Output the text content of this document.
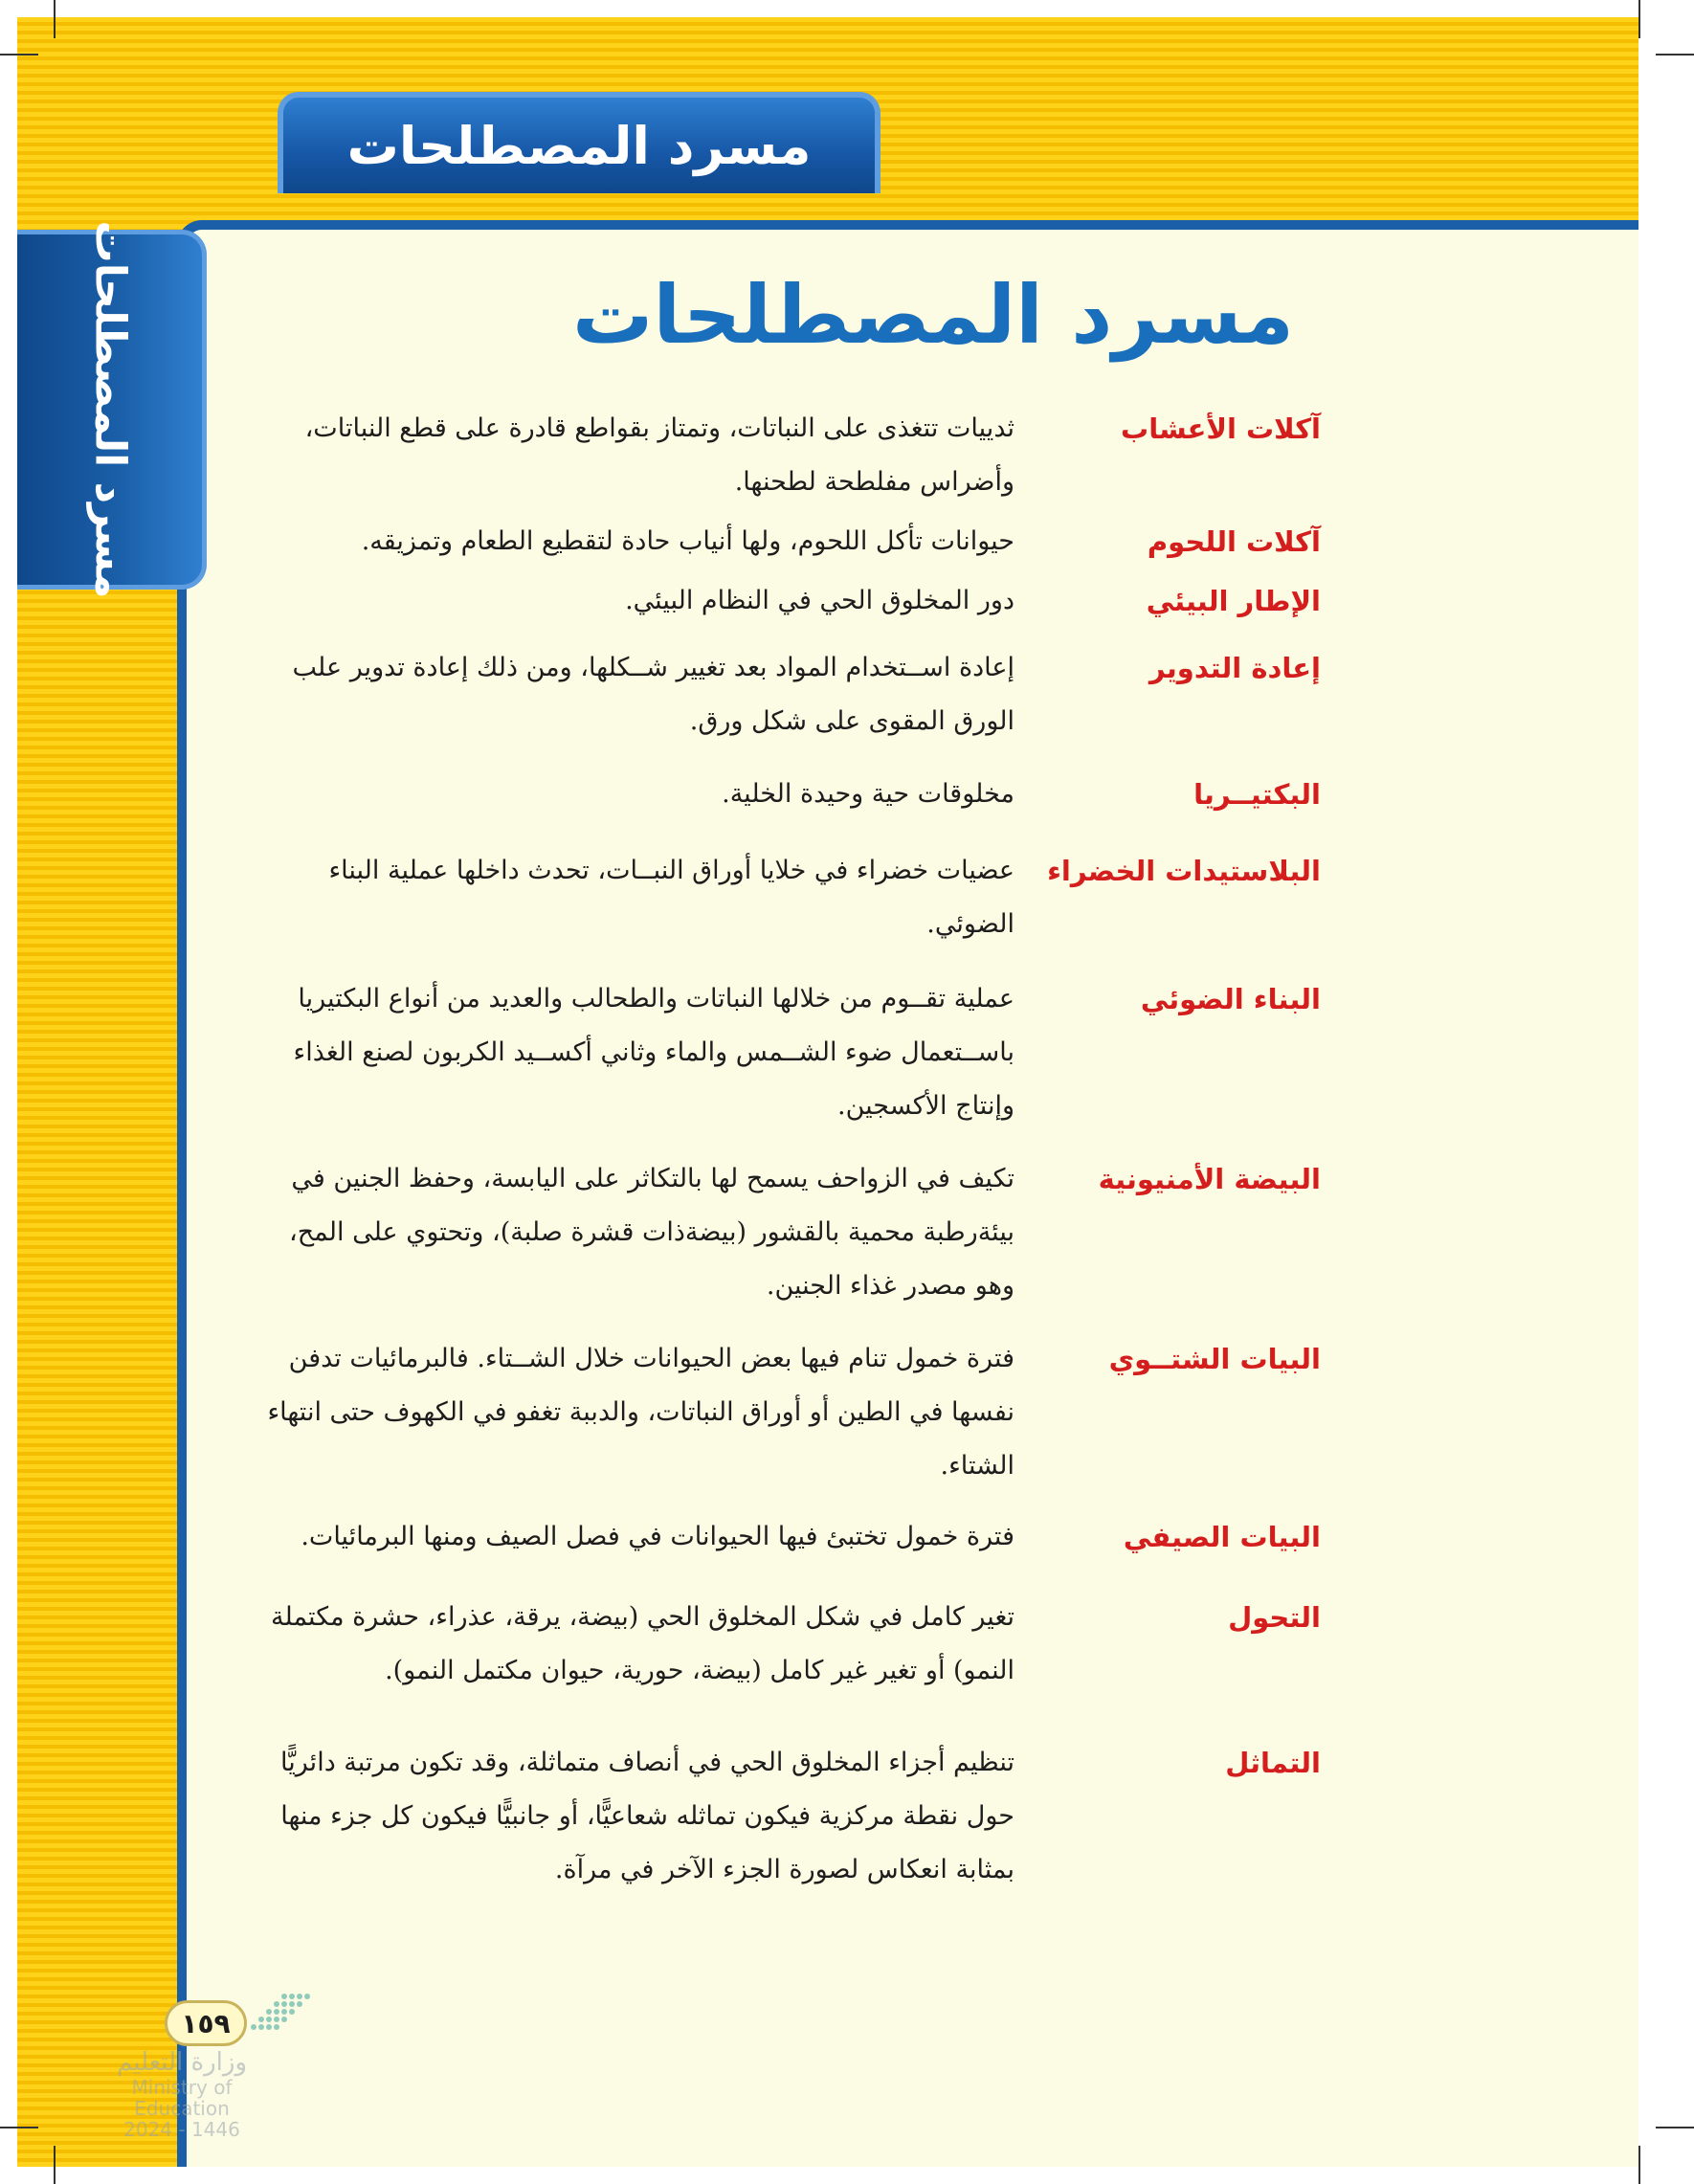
مسرد المصطلحات
مسرد المصطلحات	مسرد المصطلحات
آكلات الأعشاب
ثدييات تتغذى على النباتات، وتمتاز بقواطع قادرة على قطع النباتات، وأضراس مفلطحة لطحنها.
آكلات اللحوم
حيوانات تأكل اللحوم، ولها أنياب حادة لتقطيع الطعام وتمزيقه.
الإطار البيئي
دور المخلوق الحي في النظام البيئي.
إعادة التدوير
إعادة اســتخدام المواد بعد تغيير شــكلها، ومن ذلك إعادة تدوير علب الورق المقوى على شكل ورق.
البكتيــريا
مخلوقات حية وحيدة الخلية.
البلاستيدات الخضراء
عضيات خضراء في خلايا أوراق النبــات، تحدث داخلها عملية البناء الضوئي.
البناء الضوئي
عملية تقــوم من خلالها النباتات والطحالب والعديد من أنواع البكتيريا باســتعمال ضوء الشــمس والماء وثاني أكســيد الكربون لصنع الغذاء وإنتاج الأكسجين.
البيضة الأمنيونية
تكيف في الزواحف يسمح لها بالتكاثر على اليابسة، وحفظ الجنين في بيئةرطبة محمية بالقشور (بيضةذات قشرة صلبة)، وتحتوي على المح، وهو مصدر غذاء الجنين.
البيات الشتــوي
فترة خمول تنام فيها بعض الحيوانات خلال الشــتاء. فالبرمائيات تدفن نفسها في الطين أو أوراق النباتات، والدببة تغفو في الكهوف حتى انتهاء الشتاء.
البيات الصيفي
فترة خمول تختبئ فيها الحيوانات في فصل الصيف ومنها البرمائيات.
التحول
تغير كامل في شكل المخلوق الحي (بيضة، يرقة، عذراء، حشرة مكتملة النمو) أو تغير غير كامل (بيضة، حورية، حيوان مكتمل النمو).
التماثل
تنظيم أجزاء المخلوق الحي في أنصاف متماثلة، وقد تكون مرتبة دائريًّا حول نقطة مركزية فيكون تماثله شعاعيًّا، أو جانبيًّا فيكون كل جزء منها بمثابة انعكاس لصورة الجزء الآخر في مرآة.
١٥٩
وزارة التعليم
Ministry of Education
2024 - 1446
